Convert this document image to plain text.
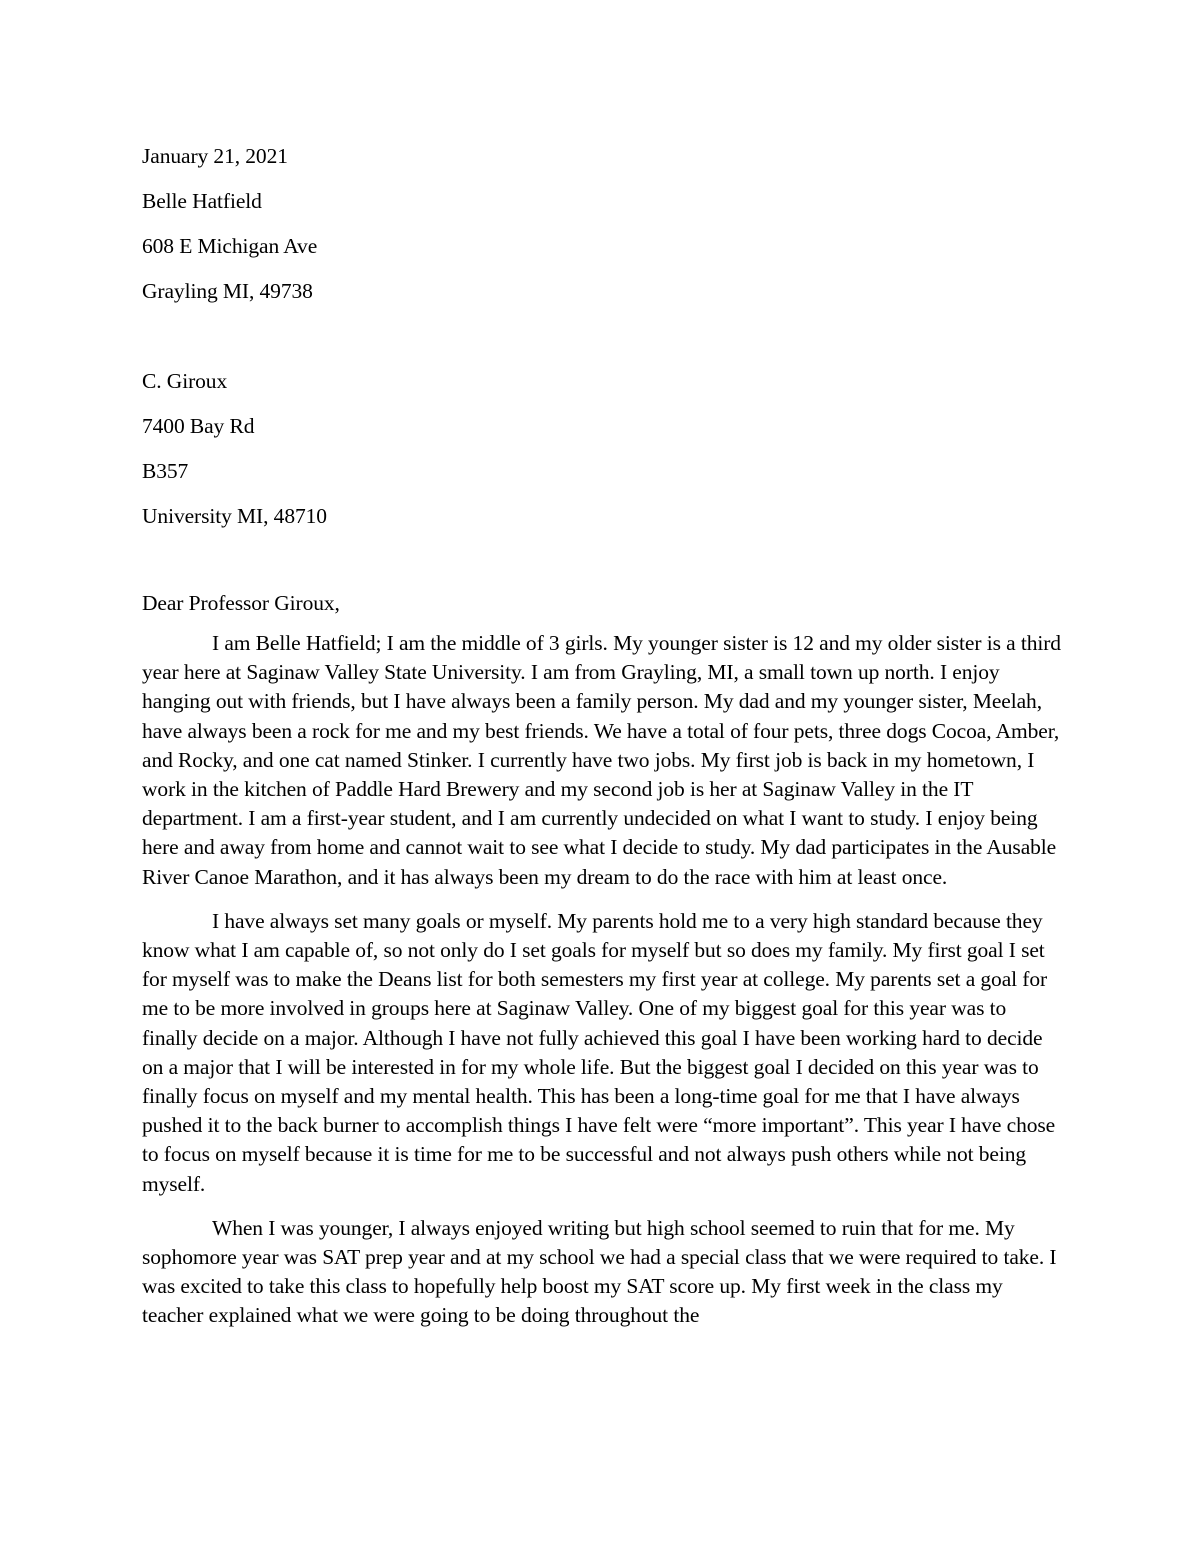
January 21, 2021

Belle Hatfield

608 E Michigan Ave

Grayling MI, 49738

C. Giroux

7400 Bay Rd

B357

University MI, 48710

Dear Professor Giroux,

I am Belle Hatfield; I am the middle of 3 girls. My younger sister is 12 and my older sister is a third year here at Saginaw Valley State University. I am from Grayling, MI, a small town up north. I enjoy hanging out with friends, but I have always been a family person. My dad and my younger sister, Meelah, have always been a rock for me and my best friends. We have a total of four pets, three dogs Cocoa, Amber, and Rocky, and one cat named Stinker. I currently have two jobs. My first job is back in my hometown, I work in the kitchen of Paddle Hard Brewery and my second job is her at Saginaw Valley in the IT department. I am a first-year student, and I am currently undecided on what I want to study. I enjoy being here and away from home and cannot wait to see what I decide to study. My dad participates in the Ausable River Canoe Marathon, and it has always been my dream to do the race with him at least once.

I have always set many goals or myself. My parents hold me to a very high standard because they know what I am capable of, so not only do I set goals for myself but so does my family. My first goal I set for myself was to make the Deans list for both semesters my first year at college. My parents set a goal for me to be more involved in groups here at Saginaw Valley. One of my biggest goal for this year was to finally decide on a major. Although I have not fully achieved this goal I have been working hard to decide on a major that I will be interested in for my whole life. But the biggest goal I decided on this year was to finally focus on myself and my mental health. This has been a long-time goal for me that I have always pushed it to the back burner to accomplish things I have felt were “more important”. This year I have chose to focus on myself because it is time for me to be successful and not always push others while not being myself.

When I was younger, I always enjoyed writing but high school seemed to ruin that for me. My sophomore year was SAT prep year and at my school we had a special class that we were required to take. I was excited to take this class to hopefully help boost my SAT score up. My first week in the class my teacher explained what we were going to be doing throughout the
